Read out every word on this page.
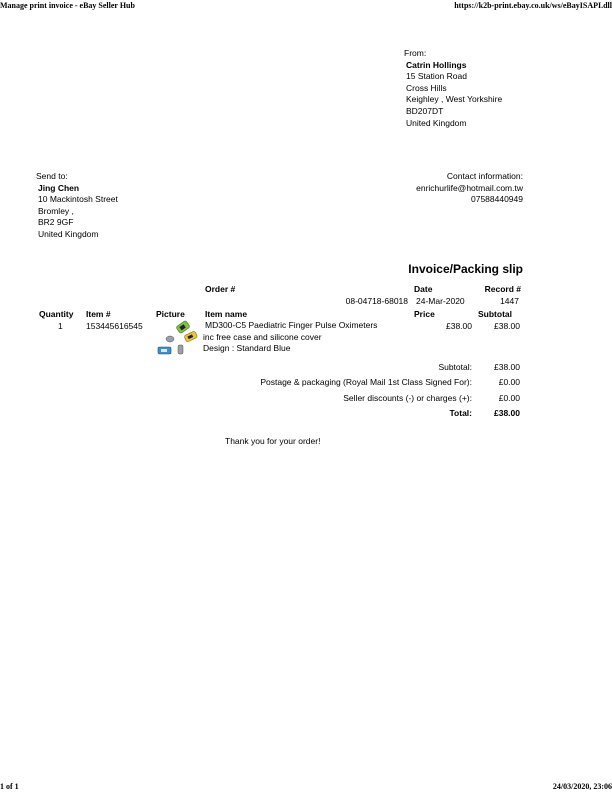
Manage print invoice - eBay Seller Hub	https://k2b-print.ebay.co.uk/ws/eBayISAPI.dll
1 of 1	24/03/2020, 23:06
From:
Catrin Hollings
15 Station Road
Cross Hills
Keighley , West Yorkshire
BD207DT
United Kingdom
Send to:
Jing Chen
10 Mackintosh Street
Bromley ,
BR2 9GF
United Kingdom
Contact information:
enrichurlife@hotmail.com.tw
07588440949
Invoice/Packing slip
Order #	Date	Record #
08-04718-68018 24-Mar-2020	1447
Quantity Item #	Picture Item name	Price	Subtotal
1	153445616545	MD300-C5 Paediatric Finger Pulse Oximeters
inc free case and silicone cover
Design : Standard Blue
£38.00	£38.00
Subtotal:	£38.00
Postage & packaging (Royal Mail 1st Class Signed For):	£0.00
Seller discounts (-) or charges (+):	£0.00
Total:	£38.00
Thank you for your order!
